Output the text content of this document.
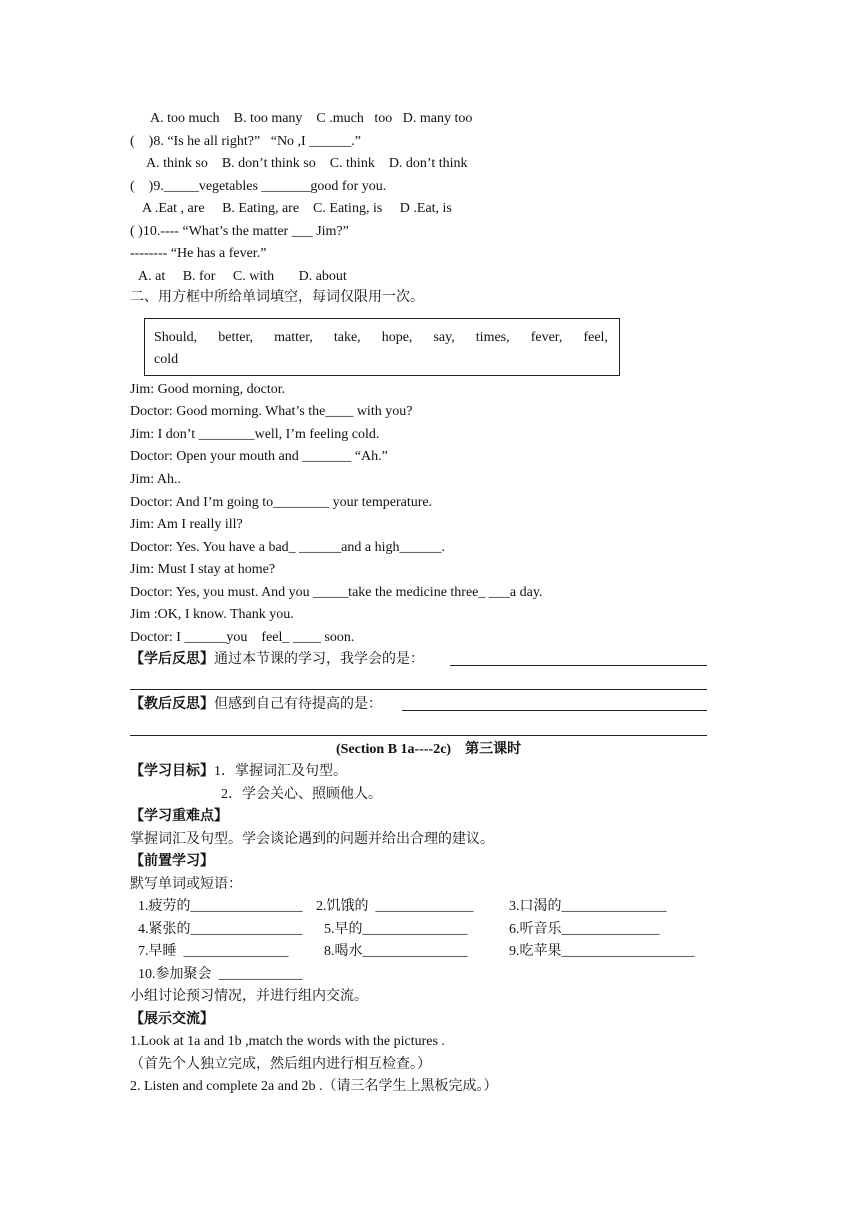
A. too much    B. too many    C .much   too   D. many too
(    )8. “Is he all right?”   “No ,I ______.”
A. think so    B. don’t think so    C. think    D. don’t think
(    )9._____vegetables _______good for you.
A .Eat , are     B. Eating, are    C. Eating, is     D .Eat, is
( )10.---- “What’s the matter ___ Jim?”
-------- “He has a fever.”
A. at     B. for     C. with       D. about
二、用方框中所给单词填空，每词仅限用一次。
Should, better, matter, take, hope, say, times, fever, feel,
cold
Jim: Good morning, doctor.
Doctor: Good morning. What’s the____ with you?
Jim: I don’t ________well, I’m feeling cold.
Doctor: Open your mouth and _______ “Ah.”
Jim: Ah..
Doctor: And I’m going to________ your temperature.
Jim: Am I really ill?
Doctor: Yes. You have a bad_ ______and a high______.
Jim: Must I stay at home?
Doctor: Yes, you must. And you _____take the medicine three_ ___a day.
Jim :OK, I know. Thank you.
Doctor: I ______you    feel_ ____ soon.
【学后反思】通过本节课的学习，我学会的是：
【教后反思】但感到自己有待提高的是：
(Section B 1a----2c) 第三课时
【学习目标】1．掌握词汇及句型。
2．学会关心、照顾他人。
【学习重难点】
掌握词汇及句型。学会谈论遇到的问题并给出合理的建议。
【前置学习】
默写单词或短语：
1.疲劳的________________ 2.饥饿的  ______________	3.口渴的_______________
4.紧张的________________ 5.早的_______________	6.听音乐______________
7.早睡  _______________	8.喝水_______________	9.吃苹果___________________
10.参加聚会  ____________
小组讨论预习情况，并进行组内交流。
【展示交流】
1.Look at 1a and 1b ,match the words with the pictures .
（首先个人独立完成，然后组内进行相互检查。）
2. Listen and complete 2a and 2b .（请三名学生上黑板完成。）
